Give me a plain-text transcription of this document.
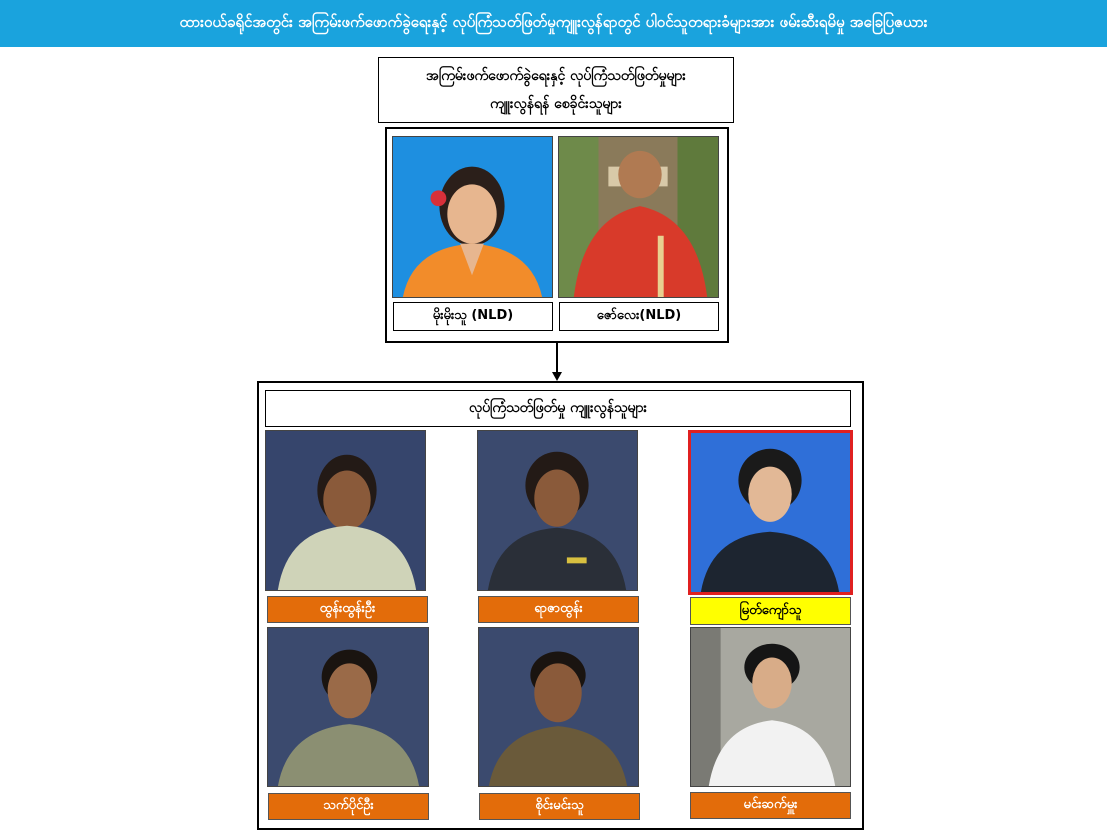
ထားဝယ်ခရိုင်အတွင်း အကြမ်းဖက်ဖောက်ခွဲရေးနှင့် လုပ်ကြံသတ်ဖြတ်မှုကျူးလွန်ရာတွင် ပါဝင်သူတရားခံများအား ဖမ်းဆီးရမိမှု အခြေပြဇယား
အကြမ်းဖက်ဖောက်ခွဲရေးနှင့် လုပ်ကြံသတ်ဖြတ်မှုများ
ကျူးလွန်ရန် စေခိုင်းသူများ
မိုးမိုးသူ (NLD)	ဇော်လေး(NLD)
လုပ်ကြံသတ်ဖြတ်မှု ကျူးလွန်သူများ
ထွန်းထွန်းဦး	ရာဇာထွန်း	မြတ်ကျော်သူ
သက်ပိုင်ဦး	စိုင်းမင်းသူ	မင်းဆက်မှူး
